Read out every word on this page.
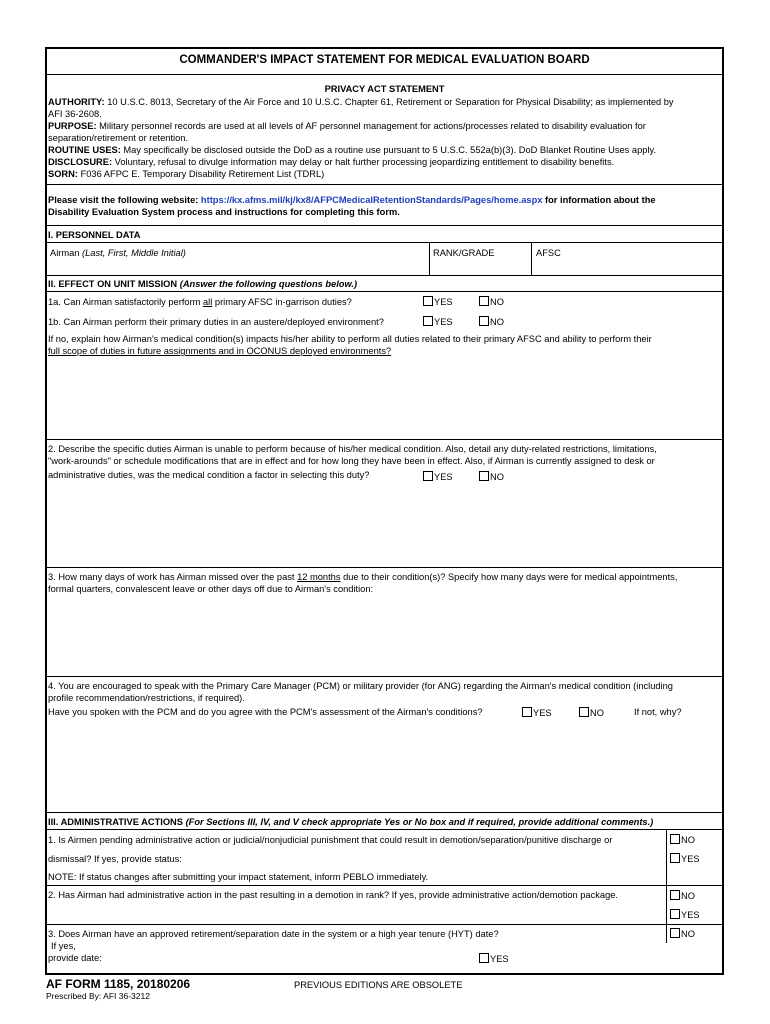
COMMANDER'S IMPACT STATEMENT FOR MEDICAL EVALUATION BOARD
PRIVACY ACT STATEMENT
AUTHORITY: 10 U.S.C. 8013, Secretary of the Air Force and 10 U.S.C. Chapter 61, Retirement or Separation for Physical Disability; as implemented by
AFI 36-2608.
PURPOSE: Military personnel records are used at all levels of AF personnel management for actions/processes related to disability evaluation for
separation/retirement or retention.
ROUTINE USES: May specifically be disclosed outside the DoD as a routine use pursuant to 5 U.S.C. 552a(b)(3). DoD Blanket Routine Uses apply.
DISCLOSURE: Voluntary, refusal to divulge information may delay or halt further processing jeopardizing entitlement to disability benefits.
SORN: F036 AFPC E. Temporary Disability Retirement List (TDRL)
Please visit the following website: https://kx.afms.mil/kj/kx8/AFPCMedicalRetentionStandards/Pages/home.aspx for information about the
Disability Evaluation System process and instructions for completing this form.
I. PERSONNEL DATA
Airman (Last, First, Middle Initial)	RANK/GRADE	AFSC
II. EFFECT ON UNIT MISSION (Answer the following questions below.)
1a. Can Airman satisfactorily perform all primary AFSC in-garrison duties?	YES	NO
1b. Can Airman perform their primary duties in an austere/deployed environment?	YES	NO
If no, explain how Airman's medical condition(s) impacts his/her ability to perform all duties related to their primary AFSC and ability to perform their
full scope of duties in future assignments and in OCONUS deployed environments?
2. Describe the specific duties Airman is unable to perform because of his/her medical condition. Also, detail any duty-related restrictions, limitations,
"work-arounds" or schedule modifications that are in effect and for how long they have been in effect. Also, if Airman is currently assigned to desk or
administrative duties, was the medical condition a factor in selecting this duty?	YES	NO
3. How many days of work has Airman missed over the past 12 months due to their condition(s)? Specify how many days were for medical appointments,
formal quarters, convalescent leave or other days off due to Airman's condition:
4. You are encouraged to speak with the Primary Care Manager (PCM) or military provider (for ANG) regarding the Airman's medical condition (including
profile recommendation/restrictions, if required).
Have you spoken with the PCM and do you agree with the PCM's assessment of the Airman's conditions?	YES	NO	If not, why?
III. ADMINISTRATIVE ACTIONS (For Sections III, IV, and V check appropriate Yes or No box and if required, provide additional comments.)
1. Is Airmen pending administrative action or judicial/nonjudicial punishment that could result in demotion/separation/punitive discharge or	NO
dismissal? If yes, provide status:	YES
NOTE: If status changes after submitting your impact statement, inform PEBLO immediately.
2. Has Airman had administrative action in the past resulting in a demotion in rank? If yes, provide administrative action/demotion package.	NO
YES
3. Does Airman have an approved retirement/separation date in the system or a high year tenure (HYT) date?	NO
If yes,
provide date:	YES
AF FORM 1185, 20180206	PREVIOUS EDITIONS ARE OBSOLETE
Prescribed By: AFI 36-3212
